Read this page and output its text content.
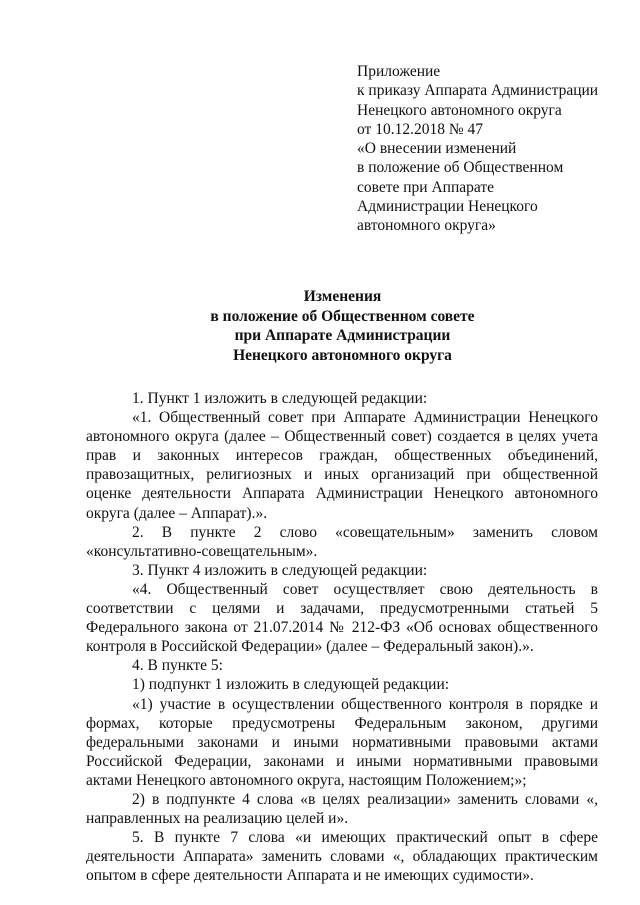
Приложение
к приказу Аппарата Администрации
Ненецкого автономного округа
от 10.12.2018 № 47
«О внесении изменений
в положение об Общественном
совете при Аппарате
Администрации Ненецкого
автономного округа»
Изменения
в положение об Общественном совете
при Аппарате Администрации
Ненецкого автономного округа

1. Пункт 1 изложить в следующей редакции:

«1. Общественный совет при Аппарате Администрации Ненецкого автономного округа (далее – Общественный совет) создается в целях учета прав и законных интересов граждан, общественных объединений, правозащитных, религиозных и иных организаций при общественной оценке деятельности Аппарата Администрации Ненецкого автономного округа (далее – Аппарат).».

2. В пункте 2 слово «совещательным» заменить словом «консультативно-совещательным».

3. Пункт 4 изложить в следующей редакции:

«4. Общественный совет осуществляет свою деятельность в соответствии с целями и задачами, предусмотренными статьей 5 Федерального закона от 21.07.2014 № 212-ФЗ «Об основах общественного контроля в Российской Федерации» (далее – Федеральный закон).».

4. В пункте 5:

1) подпункт 1 изложить в следующей редакции:

«1) участие в осуществлении общественного контроля в порядке и формах, которые предусмотрены Федеральным законом, другими федеральными законами и иными нормативными правовыми актами Российской Федерации, законами и иными нормативными правовыми актами Ненецкого автономного округа, настоящим Положением;»;

2) в подпункте 4 слова «в целях реализации» заменить словами «, направленных на реализацию целей и».

5. В пункте 7 слова «и имеющих практический опыт в сфере деятельности Аппарата» заменить словами «, обладающих практическим опытом в сфере деятельности Аппарата и не имеющих судимости».
